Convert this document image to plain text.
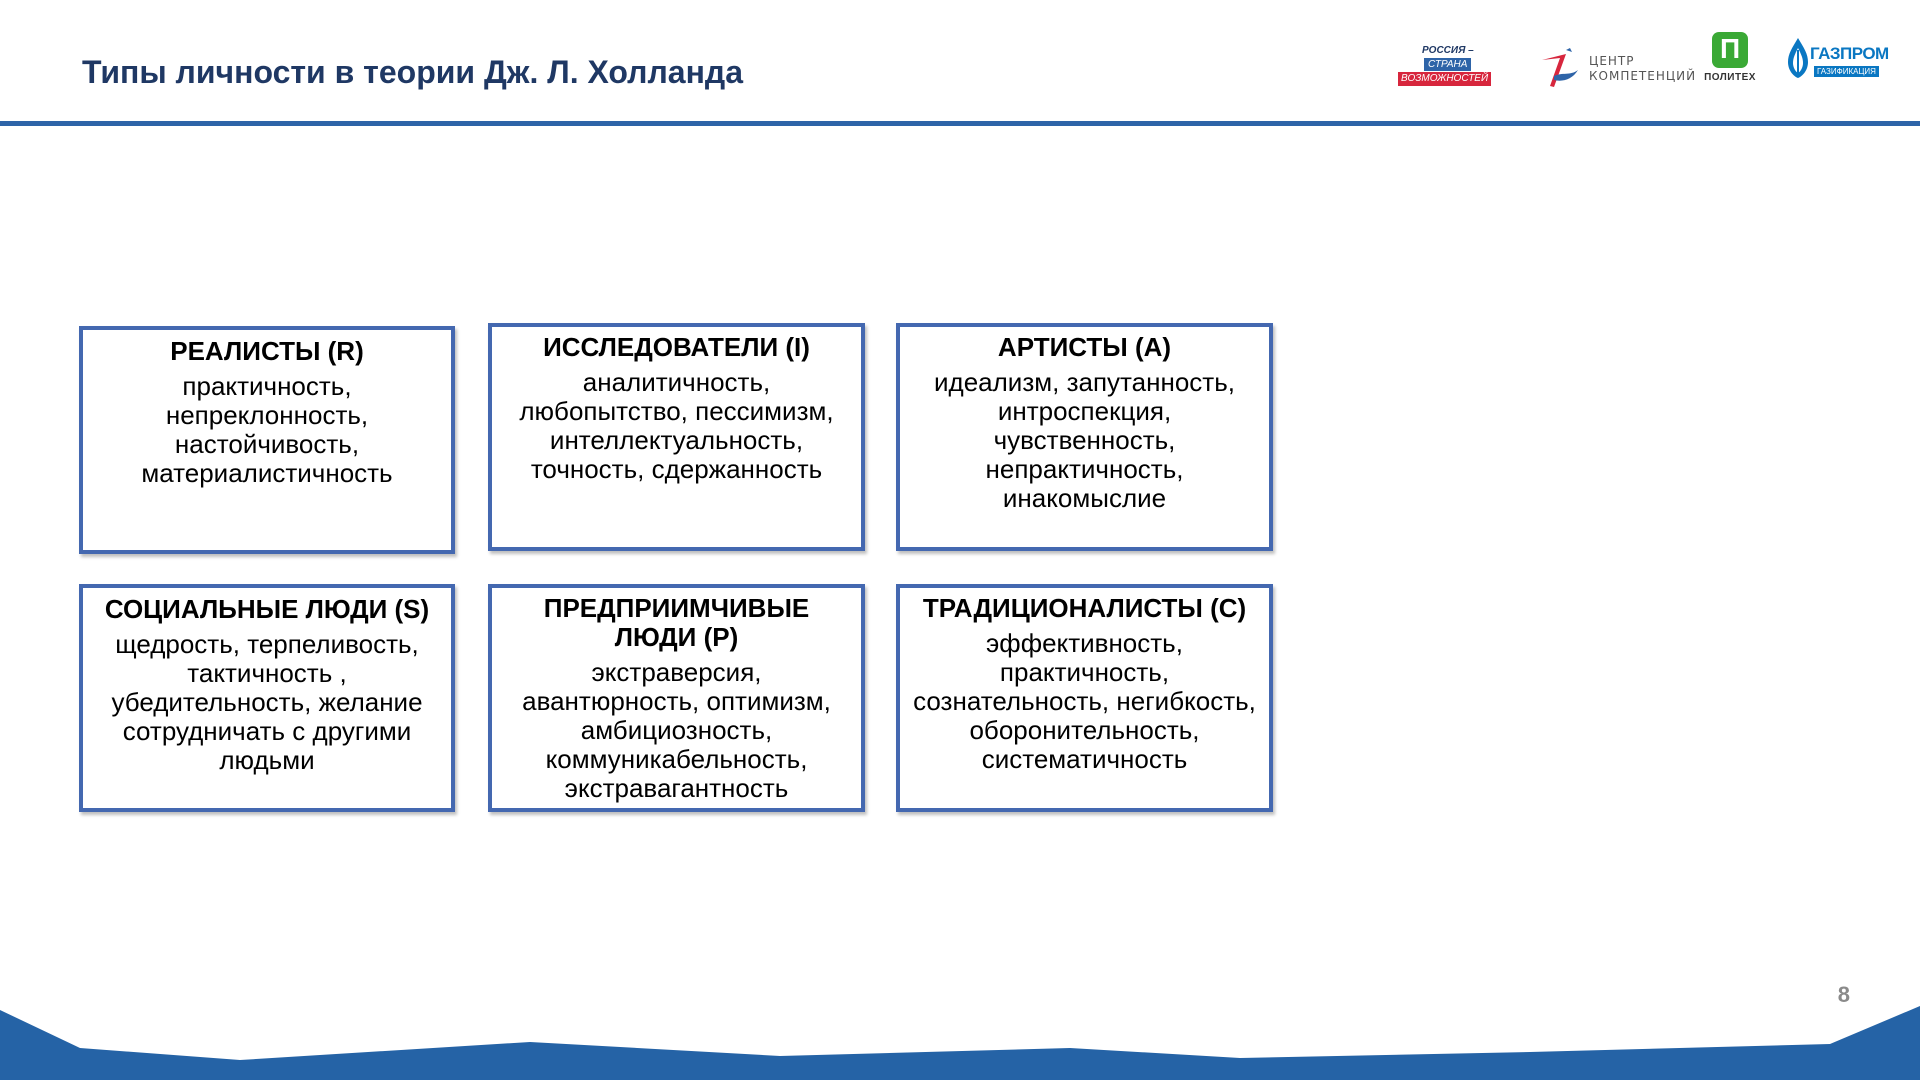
Типы личности в теории Дж. Л. Холланда
РОССИЯ –
СТРАНА
ВОЗМОЖНОСТЕЙ
ЦЕНТР
КОМПЕТЕНЦИЙ
П
ПОЛИТЕХ
ГАЗПРОМ
ГАЗИФИКАЦИЯ
РЕАЛИСТЫ (R)
практичность, непреклонность, настойчивость, материалистичность
ИССЛЕДОВАТЕЛИ (I)
аналитичность, любопытство, пессимизм, интеллектуальность, точность, сдержанность
АРТИСТЫ (A)
идеализм, запутанность, интроспекция, чувственность, непрактичность, инакомыслие
СОЦИАЛЬНЫЕ ЛЮДИ (S)
щедрость, терпеливость, тактичность , убедительность, желание сотрудничать с другими людьми
ПРЕДПРИИМЧИВЫЕ ЛЮДИ (P)
экстраверсия, авантюрность, оптимизм, амбициозность, коммуникабельность, экстравагантность
ТРАДИЦИОНАЛИСТЫ (C)
эффективность, практичность, сознательность, негибкость, оборонительность, систематичность
8
